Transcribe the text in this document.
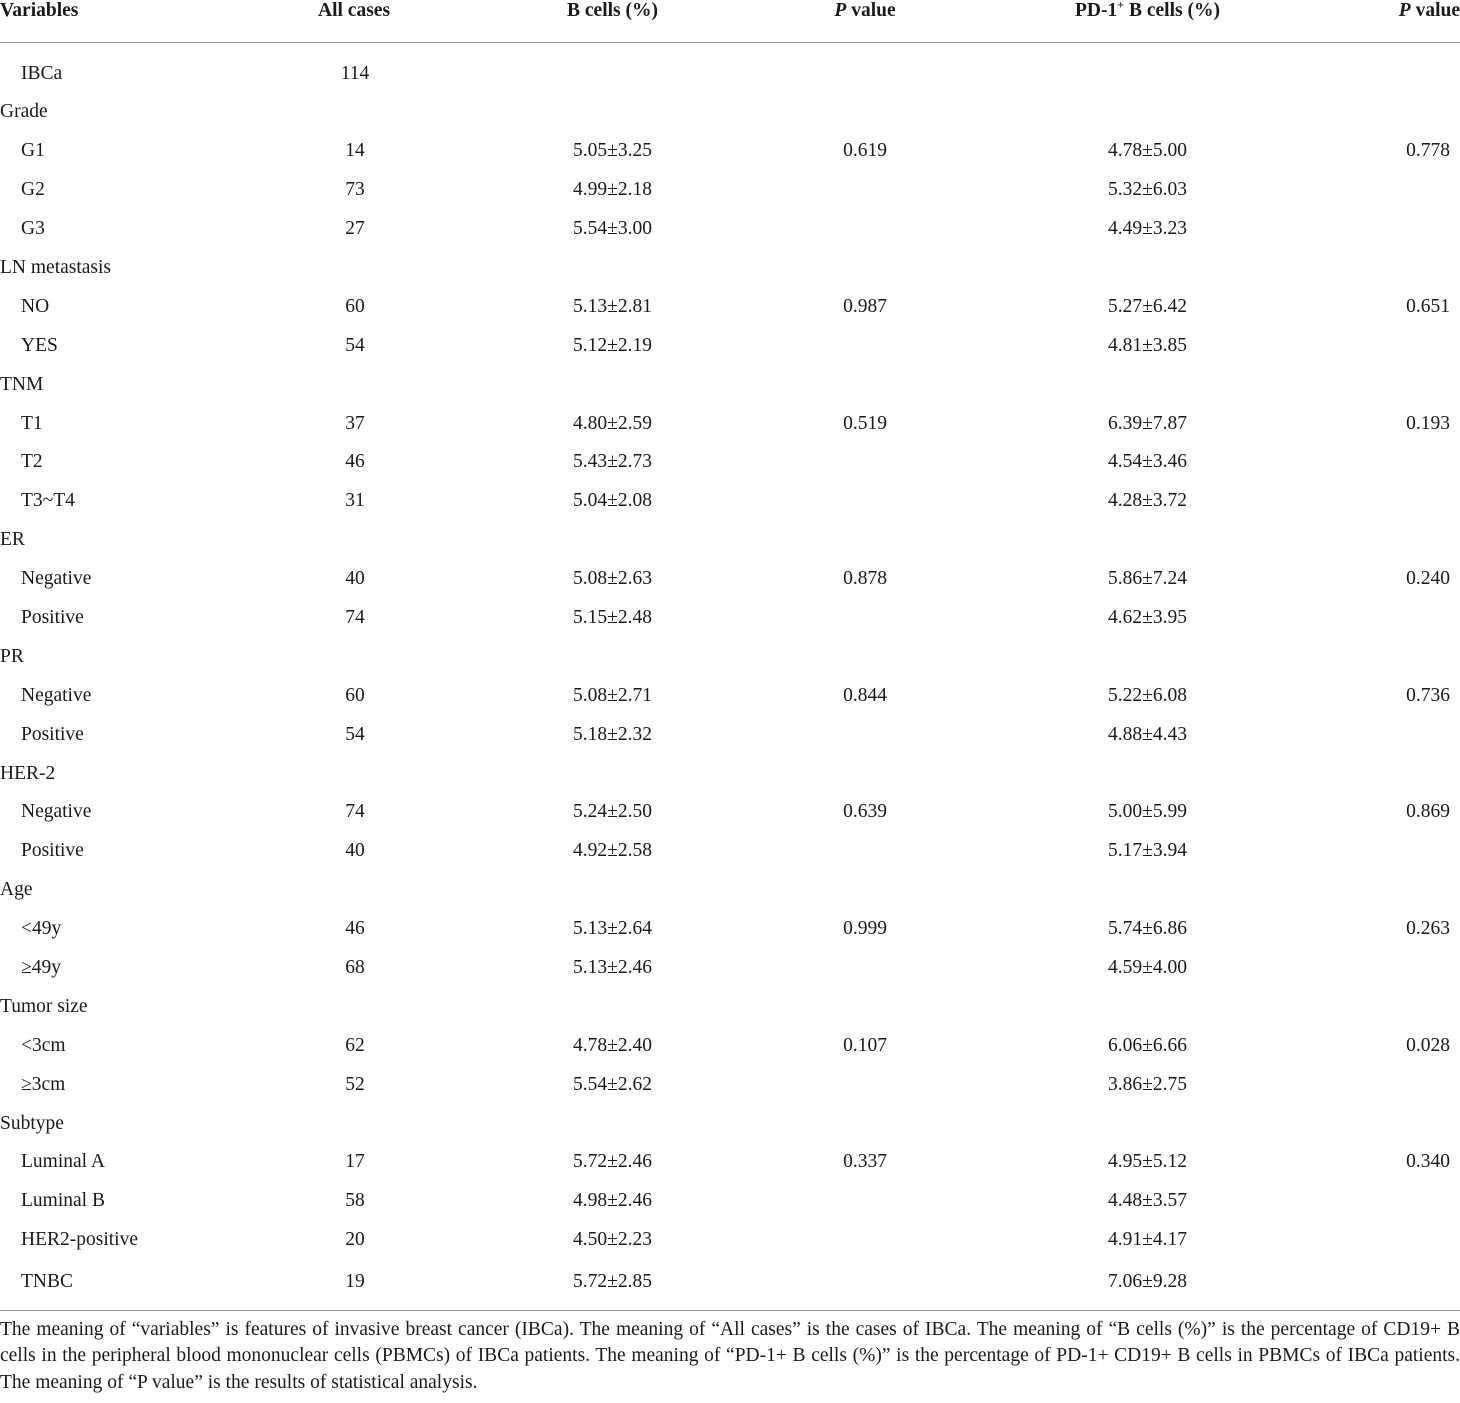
Variables	All cases	B cells (%)	P value	PD-1+ B cells (%)	P value
IBCa	114				
Grade					
G1	14	5.05±3.25	0.619	4.78±5.00	0.778
G2	73	4.99±2.18		5.32±6.03	
G3	27	5.54±3.00		4.49±3.23	
LN metastasis					
NO	60	5.13±2.81	0.987	5.27±6.42	0.651
YES	54	5.12±2.19		4.81±3.85	
TNM					
T1	37	4.80±2.59	0.519	6.39±7.87	0.193
T2	46	5.43±2.73		4.54±3.46	
T3~T4	31	5.04±2.08		4.28±3.72	
ER					
Negative	40	5.08±2.63	0.878	5.86±7.24	0.240
Positive	74	5.15±2.48		4.62±3.95	
PR					
Negative	60	5.08±2.71	0.844	5.22±6.08	0.736
Positive	54	5.18±2.32		4.88±4.43	
HER-2					
Negative	74	5.24±2.50	0.639	5.00±5.99	0.869
Positive	40	4.92±2.58		5.17±3.94	
Age					
<49y	46	5.13±2.64	0.999	5.74±6.86	0.263
≥49y	68	5.13±2.46		4.59±4.00	
Tumor size					
<3cm	62	4.78±2.40	0.107	6.06±6.66	0.028
≥3cm	52	5.54±2.62		3.86±2.75	
Subtype					
Luminal A	17	5.72±2.46	0.337	4.95±5.12	0.340
Luminal B	58	4.98±2.46		4.48±3.57	
HER2-positive	20	4.50±2.23		4.91±4.17	
TNBC	19	5.72±2.85		7.06±9.28	
The meaning of “variables” is features of invasive breast cancer (IBCa). The meaning of “All cases” is the cases of IBCa. The meaning of “B cells (%)” is the percentage of CD19+ B cells in the peripheral blood mononuclear cells (PBMCs) of IBCa patients. The meaning of “PD-1+ B cells (%)” is the percentage of PD-1+ CD19+ B cells in PBMCs of IBCa patients. The meaning of “P value” is the results of statistical analysis.
